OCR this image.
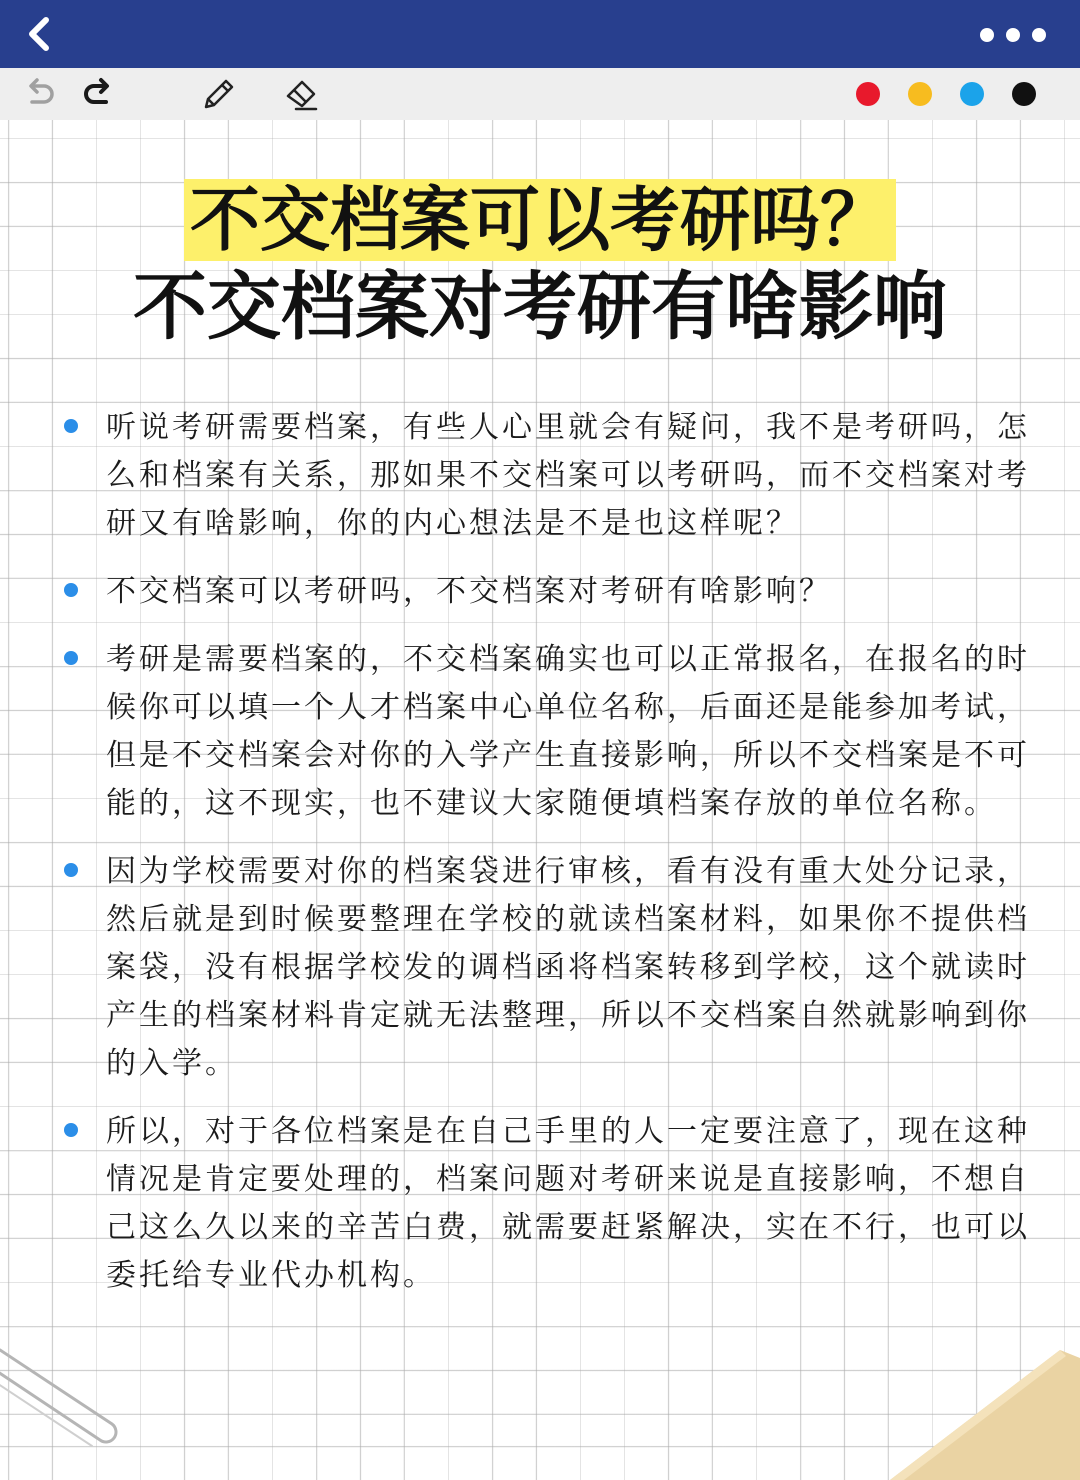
不交档案可以考研吗？
不交档案对考研有啥影响
听说考研需要档案，有些人心里就会有疑问，我不是考研吗，怎么和档案有关系，那如果不交档案可以考研吗，而不交档案对考研又有啥影响，你的内心想法是不是也这样呢？
不交档案可以考研吗，不交档案对考研有啥影响？
考研是需要档案的，不交档案确实也可以正常报名，在报名的时候你可以填一个人才档案中心单位名称，后面还是能参加考试，但是不交档案会对你的入学产生直接影响，所以不交档案是不可能的，这不现实，也不建议大家随便填档案存放的单位名称。
因为学校需要对你的档案袋进行审核，看有没有重大处分记录，然后就是到时候要整理在学校的就读档案材料，如果你不提供档案袋，没有根据学校发的调档函将档案转移到学校，这个就读时产生的档案材料肯定就无法整理，所以不交档案自然就影响到你的入学。
所以，对于各位档案是在自己手里的人一定要注意了，现在这种情况是肯定要处理的，档案问题对考研来说是直接影响，不想自己这么久以来的辛苦白费，就需要赶紧解决，实在不行，也可以委托给专业代办机构。
